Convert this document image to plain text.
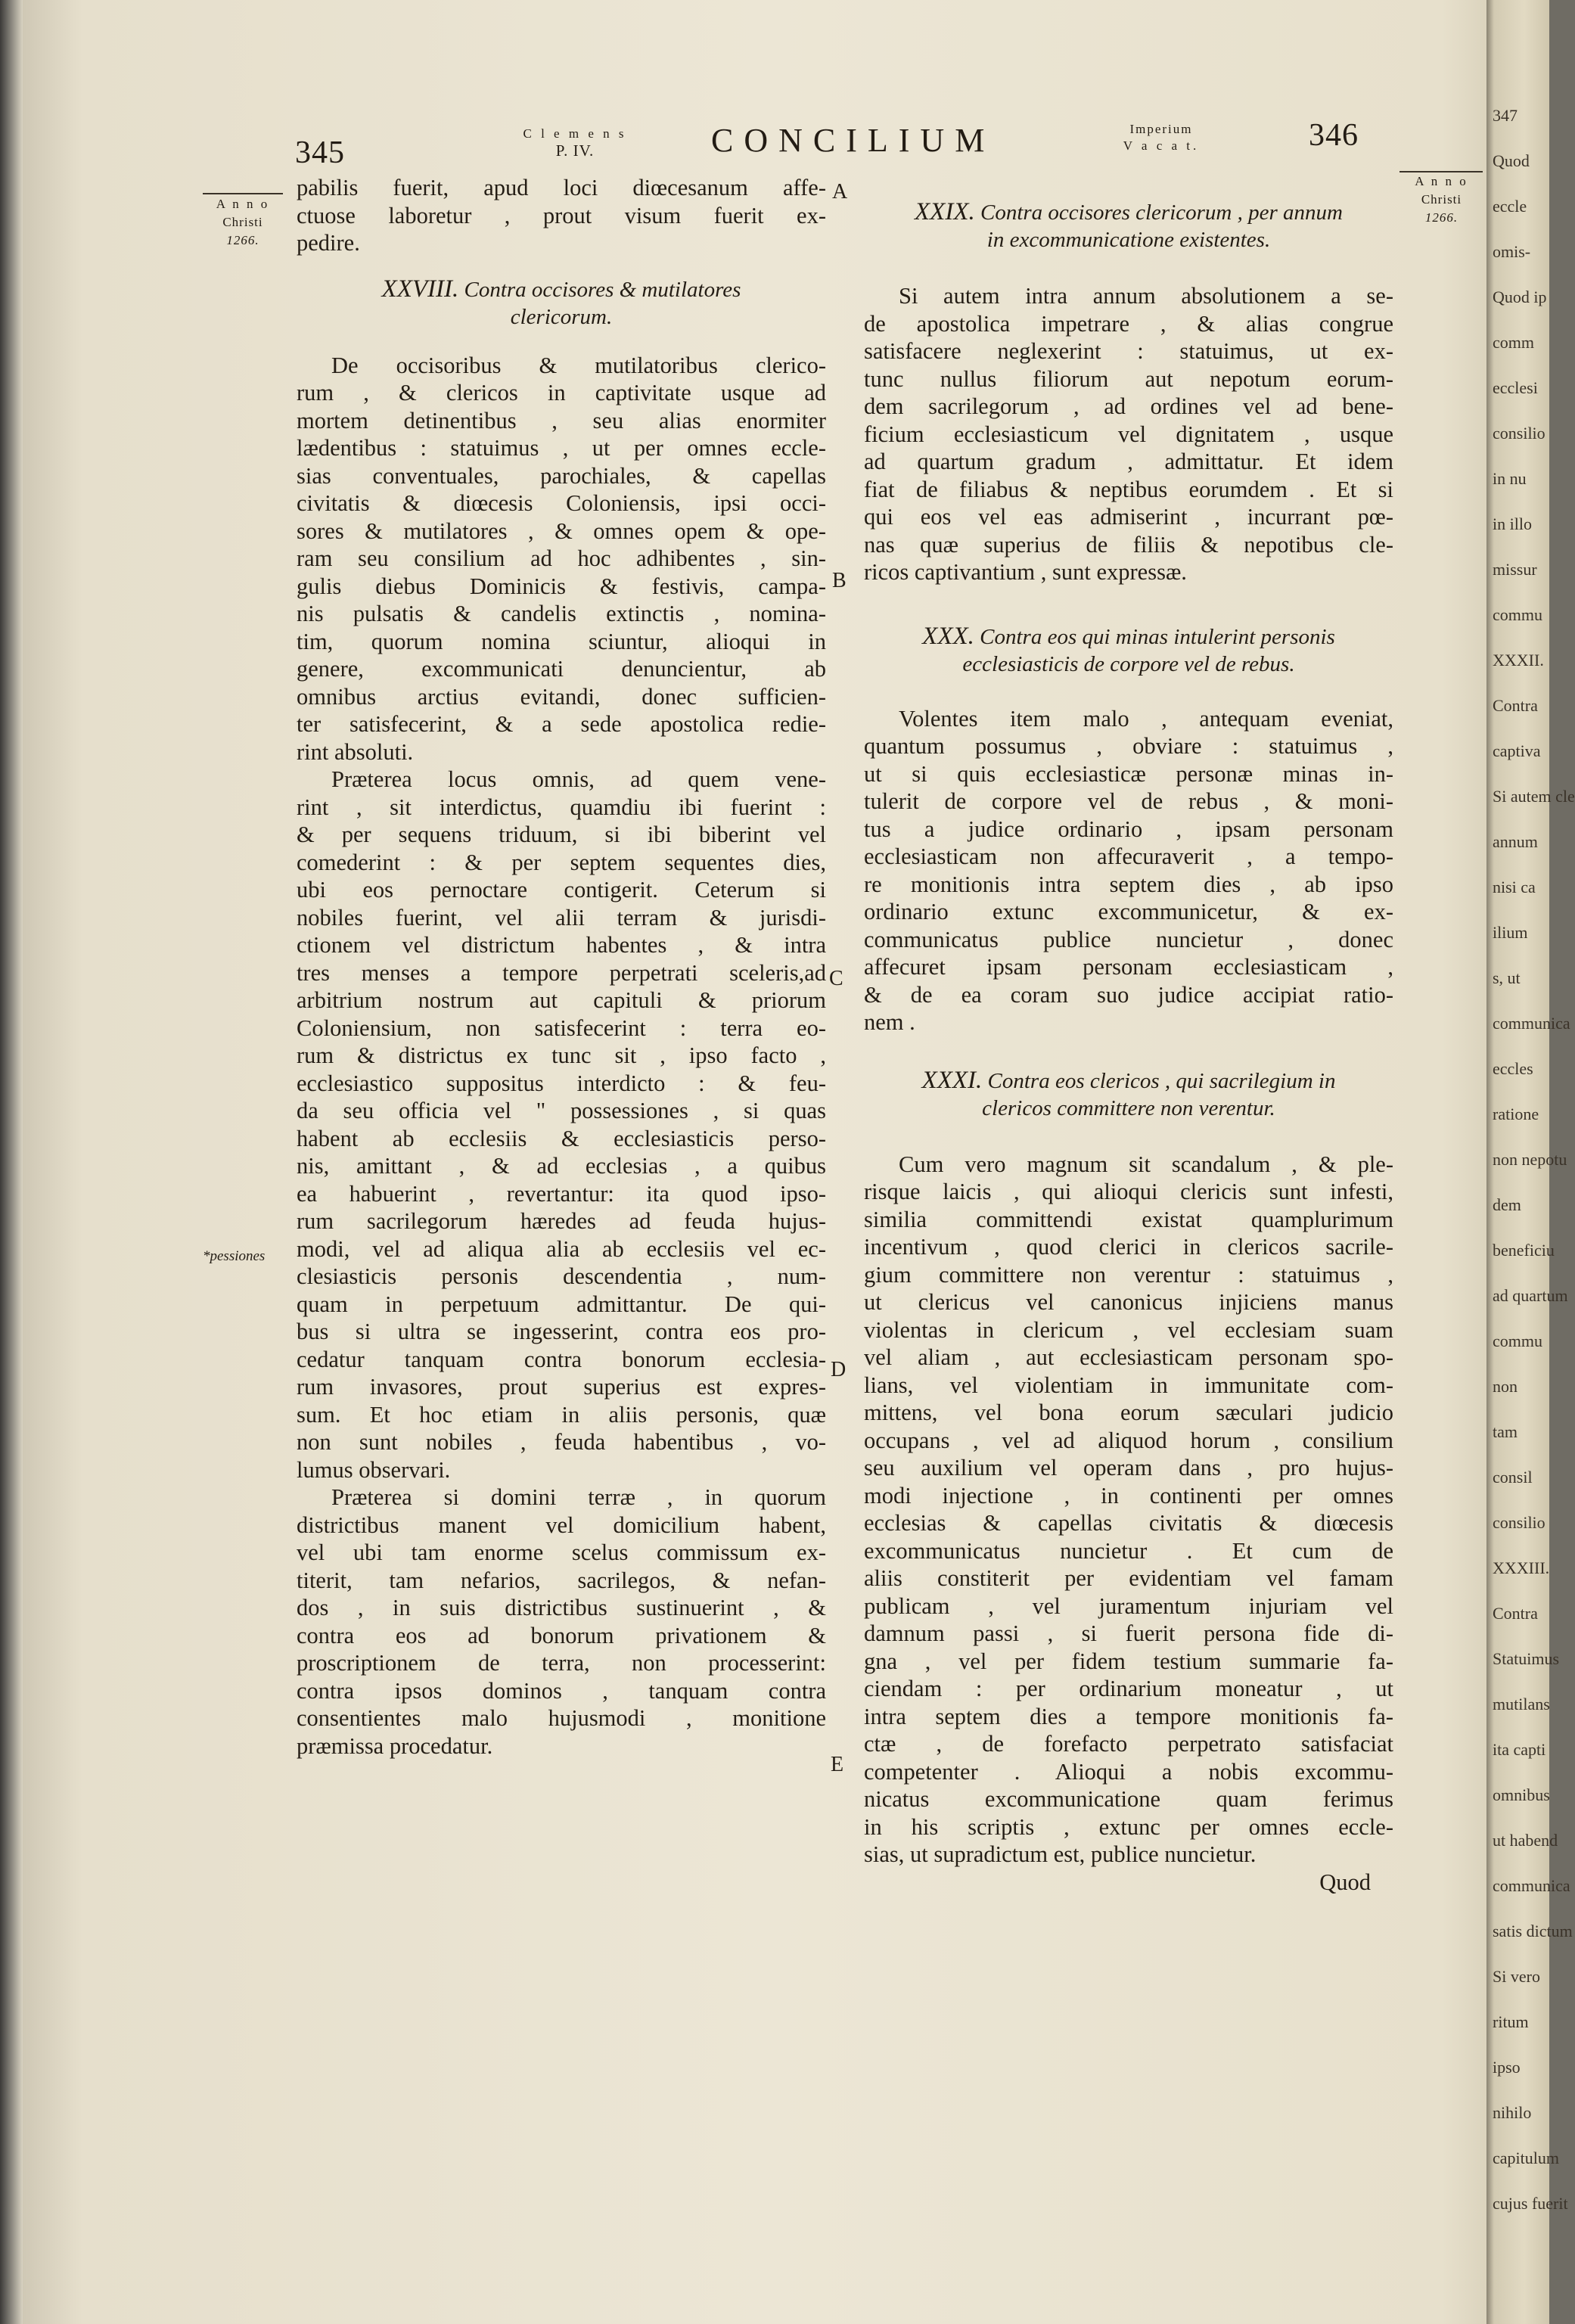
345
C l e m e n s
P. IV.	CONCILIUM	Imperium
V a c a t.	346
A n n o
Christi
1266.
*pessiones
A n n o
Christi
1266.
A
B
C
D
E
pabilis fuerit, apud loci diœcesanum affe-
ctuose laboretur , prout visum fuerit ex-
pedire.
XXVIII. Contra occisores & mutilatores
clericorum.
De occisoribus & mutilatoribus clerico-
rum , & clericos in captivitate usque ad
mortem detinentibus , seu alias enormiter
lædentibus : statuimus , ut per omnes eccle-
sias conventuales, parochiales, & capellas
civitatis & diœcesis Coloniensis, ipsi occi-
sores & mutilatores , & omnes opem & ope-
ram seu consilium ad hoc adhibentes , sin-
gulis diebus Dominicis & festivis, campa-
nis pulsatis & candelis extinctis , nomina-
tim, quorum nomina sciuntur, alioqui in
genere, excommunicati denuncientur, ab
omnibus arctius evitandi, donec sufficien-
ter satisfecerint, & a sede apostolica redie-
rint absoluti.
Præterea locus omnis, ad quem vene-
rint , sit interdictus, quamdiu ibi fuerint :
& per sequens triduum, si ibi biberint vel
comederint : & per septem sequentes dies,
ubi eos pernoctare contigerit. Ceterum si
nobiles fuerint, vel alii terram & jurisdi-
ctionem vel districtum habentes , & intra
tres menses a tempore perpetrati sceleris,ad
arbitrium nostrum aut capituli & priorum
Coloniensium, non satisfecerint : terra eo-
rum & districtus ex tunc sit , ipso facto ,
ecclesiastico suppositus interdicto : & feu-
da seu officia vel " possessiones , si quas
habent ab ecclesiis & ecclesiasticis perso-
nis, amittant , & ad ecclesias , a quibus
ea habuerint , revertantur: ita quod ipso-
rum sacrilegorum hæredes ad feuda hujus-
modi, vel ad aliqua alia ab ecclesiis vel ec-
clesiasticis personis descendentia , num-
quam in perpetuum admittantur. De qui-
bus si ultra se ingesserint, contra eos pro-
cedatur tanquam contra bonorum ecclesia-
rum invasores, prout superius est expres-
sum. Et hoc etiam in aliis personis, quæ
non sunt nobiles , feuda habentibus , vo-
lumus observari.
Præterea si domini terræ , in quorum
districtibus manent vel domicilium habent,
vel ubi tam enorme scelus commissum ex-
titerit, tam nefarios, sacrilegos, & nefan-
dos , in suis districtibus sustinuerint , &
contra eos ad bonorum privationem &
proscriptionem de terra, non processerint:
contra ipsos dominos , tanquam contra
consentientes malo hujusmodi , monitione
præmissa procedatur.
XXIX. Contra occisores clericorum , per annum
in excommunicatione existentes.
Si autem intra annum absolutionem a se-
de apostolica impetrare , & alias congrue
satisfacere neglexerint : statuimus, ut ex-
tunc nullus filiorum aut nepotum eorum-
dem sacrilegorum , ad ordines vel ad bene-
ficium ecclesiasticum vel dignitatem , usque
ad quartum gradum , admittatur. Et idem
fiat de filiabus & neptibus eorumdem . Et si
qui eos vel eas admiserint , incurrant pœ-
nas quæ superius de filiis & nepotibus cle-
ricos captivantium , sunt expressæ.
XXX. Contra eos qui minas intulerint personis
ecclesiasticis de corpore vel de rebus.
Volentes item malo , antequam eveniat,
quantum possumus , obviare : statuimus ,
ut si quis ecclesiasticæ personæ minas in-
tulerit de corpore vel de rebus , & moni-
tus a judice ordinario , ipsam personam
ecclesiasticam non affecuraverit , a tempo-
re monitionis intra septem dies , ab ipso
ordinario extunc excommunicetur, & ex-
communicatus publice nuncietur , donec
affecuret ipsam personam ecclesiasticam ,
& de ea coram suo judice accipiat ratio-
nem .
XXXI. Contra eos clericos , qui sacrilegium in
clericos committere non verentur.
Cum vero magnum sit scandalum , & ple-
risque laicis , qui alioqui clericis sunt infesti,
similia committendi existat quamplurimum
incentivum , quod clerici in clericos sacrile-
gium committere non verentur : statuimus ,
ut clericus vel canonicus injiciens manus
violentas in clericum , vel ecclesiam suam
vel aliam , aut ecclesiasticam personam spo-
lians, vel violentiam in immunitate com-
mittens, vel bona eorum sæculari judicio
occupans , vel ad aliquod horum , consilium
seu auxilium vel operam dans , pro hujus-
modi injectione , in continenti per omnes
ecclesias & capellas civitatis & diœcesis
excommunicatus nuncietur . Et cum de
aliis constiterit per evidentiam vel famam
publicam , vel juramentum injuriam vel
damnum passi , si fuerit persona fide di-
gna , vel per fidem testium summarie fa-
ciendam : per ordinarium moneatur , ut
intra septem dies a tempore monitionis fa-
ctæ , de forefacto perpetrato satisfaciat
competenter . Alioqui a nobis excommu-
nicatus excommunicatione quam ferimus
in his scriptis , extunc per omnes eccle-
sias, ut supradictum est, publice nuncietur.
Quod
347
Quod
eccle
omis-
Quod ip
comm
ecclesi
consilio
in nu
in illo
missur
commu
XXXII.
Contra
captiva
Si autem cle
annum
nisi ca
ilium
s, ut
communica
eccles
ratione
non nepotu
dem
beneficiu
ad quartum
commu
non
tam
consil
consilio
XXXIII.
Contra
Statuimus
mutilans
ita capti
omnibus
ut habend
communica
satis dictum
Si vero
ritum
ipso
nihilo
capitulum
cujus fuerit
